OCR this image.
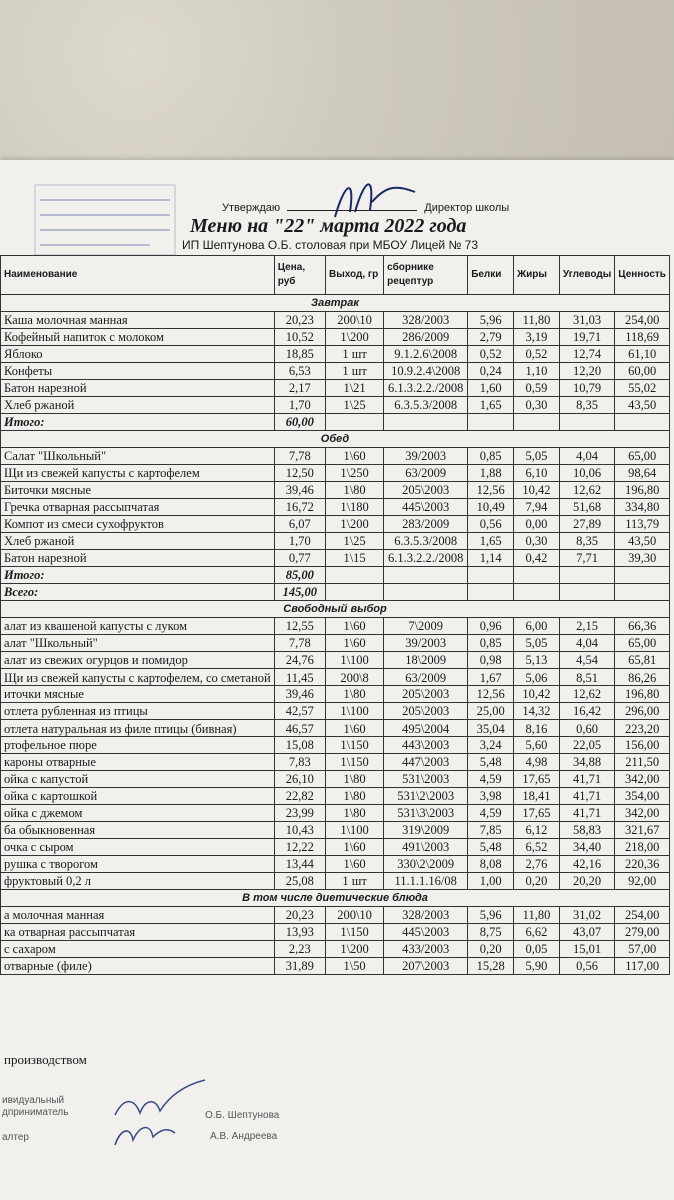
Утверждаю	Директор школы
Меню на "22" марта 2022 года
ИП Шептунова О.Б. столовая при МБОУ Лицей № 73
Наименование	Цена, руб	Выход, гр	сборнике рецептур	Белки	Жиры	Углеводы	Ценность
Завтрак							
Каша молочная манная	20,23	200\10	328/2003	5,96	11,80	31,03	254,00
Кофейный напиток с молоком	10,52	1\200	286/2009	2,79	3,19	19,71	118,69
Яблоко	18,85	1 шт	9.1.2.6\2008	0,52	0,52	12,74	61,10
Конфеты	6,53	1 шт	10.9.2.4\2008	0,24	1,10	12,20	60,00
Батон нарезной	2,17	1\21	6.1.3.2.2./2008	1,60	0,59	10,79	55,02
Хлеб ржаной	1,70	1\25	6.3.5.3/2008	1,65	0,30	8,35	43,50
Итого:	60,00						
Обед							
Салат "Школьный"	7,78	1\60	39/2003	0,85	5,05	4,04	65,00
Щи из свежей капусты с картофелем	12,50	1\250	63/2009	1,88	6,10	10,06	98,64
Биточки мясные	39,46	1\80	205\2003	12,56	10,42	12,62	196,80
Гречка отварная рассыпчатая	16,72	1\180	445\2003	10,49	7,94	51,68	334,80
Компот из смеси сухофруктов	6,07	1\200	283/2009	0,56	0,00	27,89	113,79
Хлеб ржаной	1,70	1\25	6.3.5.3/2008	1,65	0,30	8,35	43,50
Батон нарезной	0,77	1\15	6.1.3.2.2./2008	1,14	0,42	7,71	39,30
Итого:	85,00						
Всего:	145,00						
Свободный выбор							
алат из квашеной капусты с луком	12,55	1\60	7\2009	0,96	6,00	2,15	66,36
алат "Школьный"	7,78	1\60	39/2003	0,85	5,05	4,04	65,00
алат из свежих огурцов и помидор	24,76	1\100	18\2009	0,98	5,13	4,54	65,81
Щи из свежей капусты с картофелем, со сметаной	11,45	200\8	63/2009	1,67	5,06	8,51	86,26
иточки мясные	39,46	1\80	205\2003	12,56	10,42	12,62	196,80
отлета рубленная из птицы	42,57	1\100	205\2003	25,00	14,32	16,42	296,00
отлета натуральная из филе птицы (бивная)	46,57	1\60	495\2004	35,04	8,16	0,60	223,20
ртофельное пюре	15,08	1\150	443\2003	3,24	5,60	22,05	156,00
кароны отварные	7,83	1\150	447\2003	5,48	4,98	34,88	211,50
ойка с капустой	26,10	1\80	531\2003	4,59	17,65	41,71	342,00
ойка с картошкой	22,82	1\80	531\2\2003	3,98	18,41	41,71	354,00
ойка с джемом	23,99	1\80	531\3\2003	4,59	17,65	41,71	342,00
ба обыкновенная	10,43	1\100	319\2009	7,85	6,12	58,83	321,67
очка с сыром	12,22	1\60	491\2003	5,48	6,52	34,40	218,00
рушка с творогом	13,44	1\60	330\2\2009	8,08	2,76	42,16	220,36
фруктовый 0,2 л	25,08	1 шт	11.1.1.16/08	1,00	0,20	20,20	92,00
В том числе диетические блюда							
а молочная манная	20,23	200\10	328/2003	5,96	11,80	31,02	254,00
ка отварная рассыпчатая	13,93	1\150	445\2003	8,75	6,62	43,07	279,00
с сахаром	2,23	1\200	433/2003	0,20	0,05	15,01	57,00
отварные (филе)	31,89	1\50	207\2003	15,28	5,90	0,56	117,00
производством
ивидуальный
дприниматель
алтер
О.Б. Шептунова
А.В. Андреева
